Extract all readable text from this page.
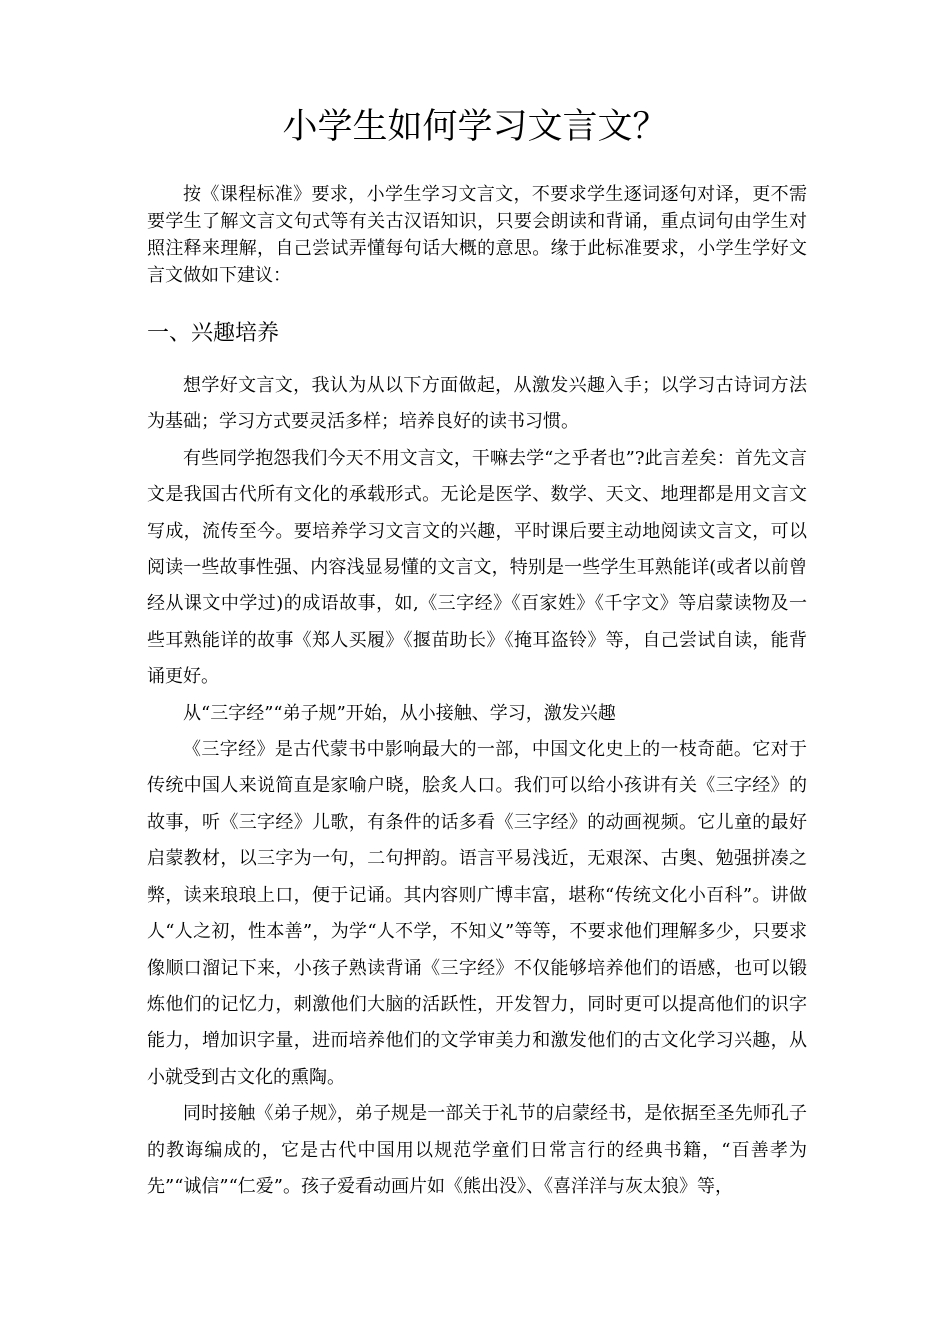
小学生如何学习文言文？

按《课程标准》要求，小学生学习文言文，不要求学生逐词逐句对译，更不需要学生了解文言文句式等有关古汉语知识，只要会朗读和背诵，重点词句由学生对照注释来理解，自己尝试弄懂每句话大概的意思。缘于此标准要求，小学生学好文言文做如下建议：

一、兴趣培养

想学好文言文，我认为从以下方面做起，从激发兴趣入手；以学习古诗词方法为基础；学习方式要灵活多样；培养良好的读书习惯。

有些同学抱怨我们今天不用文言文，干嘛去学“之乎者也”?此言差矣：首先文言文是我国古代所有文化的承载形式。无论是医学、数学、天文、地理都是用文言文写成，流传至今。要培养学习文言文的兴趣，平时课后要主动地阅读文言文，可以阅读一些故事性强、内容浅显易懂的文言文，特别是一些学生耳熟能详(或者以前曾经从课文中学过)的成语故事，如,《三字经》《百家姓》《千字文》等启蒙读物及一些耳熟能详的故事《郑人买履》《揠苗助长》《掩耳盗铃》等，自己尝试自读，能背诵更好。

从“三字经”“弟子规”开始，从小接触、学习，激发兴趣

《三字经》是古代蒙书中影响最大的一部，中国文化史上的一枝奇葩。它对于传统中国人来说简直是家喻户晓，脍炙人口。我们可以给小孩讲有关《三字经》的故事，听《三字经》儿歌，有条件的话多看《三字经》的动画视频。它儿童的最好启蒙教材，以三字为一句，二句押韵。语言平易浅近，无艰深、古奥、勉强拼凑之弊，读来琅琅上口，便于记诵。其内容则广博丰富，堪称“传统文化小百科”。讲做人“人之初，性本善”，为学“人不学，不知义”等等，不要求他们理解多少，只要求像顺口溜记下来，小孩子熟读背诵《三字经》不仅能够培养他们的语感，也可以锻炼他们的记忆力，刺激他们大脑的活跃性，开发智力，同时更可以提高他们的识字能力，增加识字量，进而培养他们的文学审美力和激发他们的古文化学习兴趣，从小就受到古文化的熏陶。

同时接触《弟子规》，弟子规是一部关于礼节的启蒙经书，是依据至圣先师孔子的教诲编成的，它是古代中国用以规范学童们日常言行的经典书籍，“百善孝为先”“诚信”“仁爱”。孩子爱看动画片如《熊出没》、《喜洋洋与灰太狼》等，
